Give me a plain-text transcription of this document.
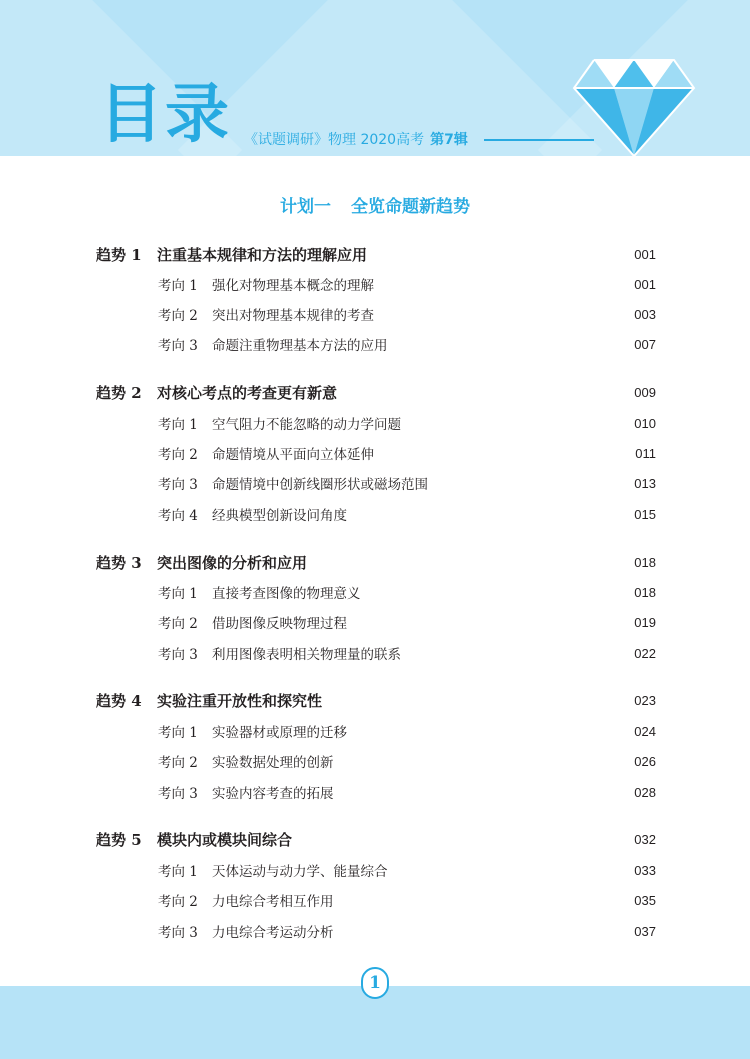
目录 《试题调研》物理 2020高考 第7辑
计划一 全览命题新趋势
趋势 1	注重基本规律和方法的理解应用	001
考向 1	强化对物理基本概念的理解	001
考向 2	突出对物理基本规律的考查	003
考向 3	命题注重物理基本方法的应用	007
趋势 2	对核心考点的考查更有新意	009
考向 1	空气阻力不能忽略的动力学问题	010
考向 2	命题情境从平面向立体延伸	011
考向 3	命题情境中创新线圈形状或磁场范围	013
考向 4	经典模型创新设问角度	015
趋势 3	突出图像的分析和应用	018
考向 1	直接考查图像的物理意义	018
考向 2	借助图像反映物理过程	019
考向 3	利用图像表明相关物理量的联系	022
趋势 4	实验注重开放性和探究性	023
考向 1	实验器材或原理的迁移	024
考向 2	实验数据处理的创新	026
考向 3	实验内容考查的拓展	028
趋势 5	模块内或模块间综合	032
考向 1	天体运动与动力学、能量综合	033
考向 2	力电综合考相互作用	035
考向 3	力电综合考运动分析	037
1
